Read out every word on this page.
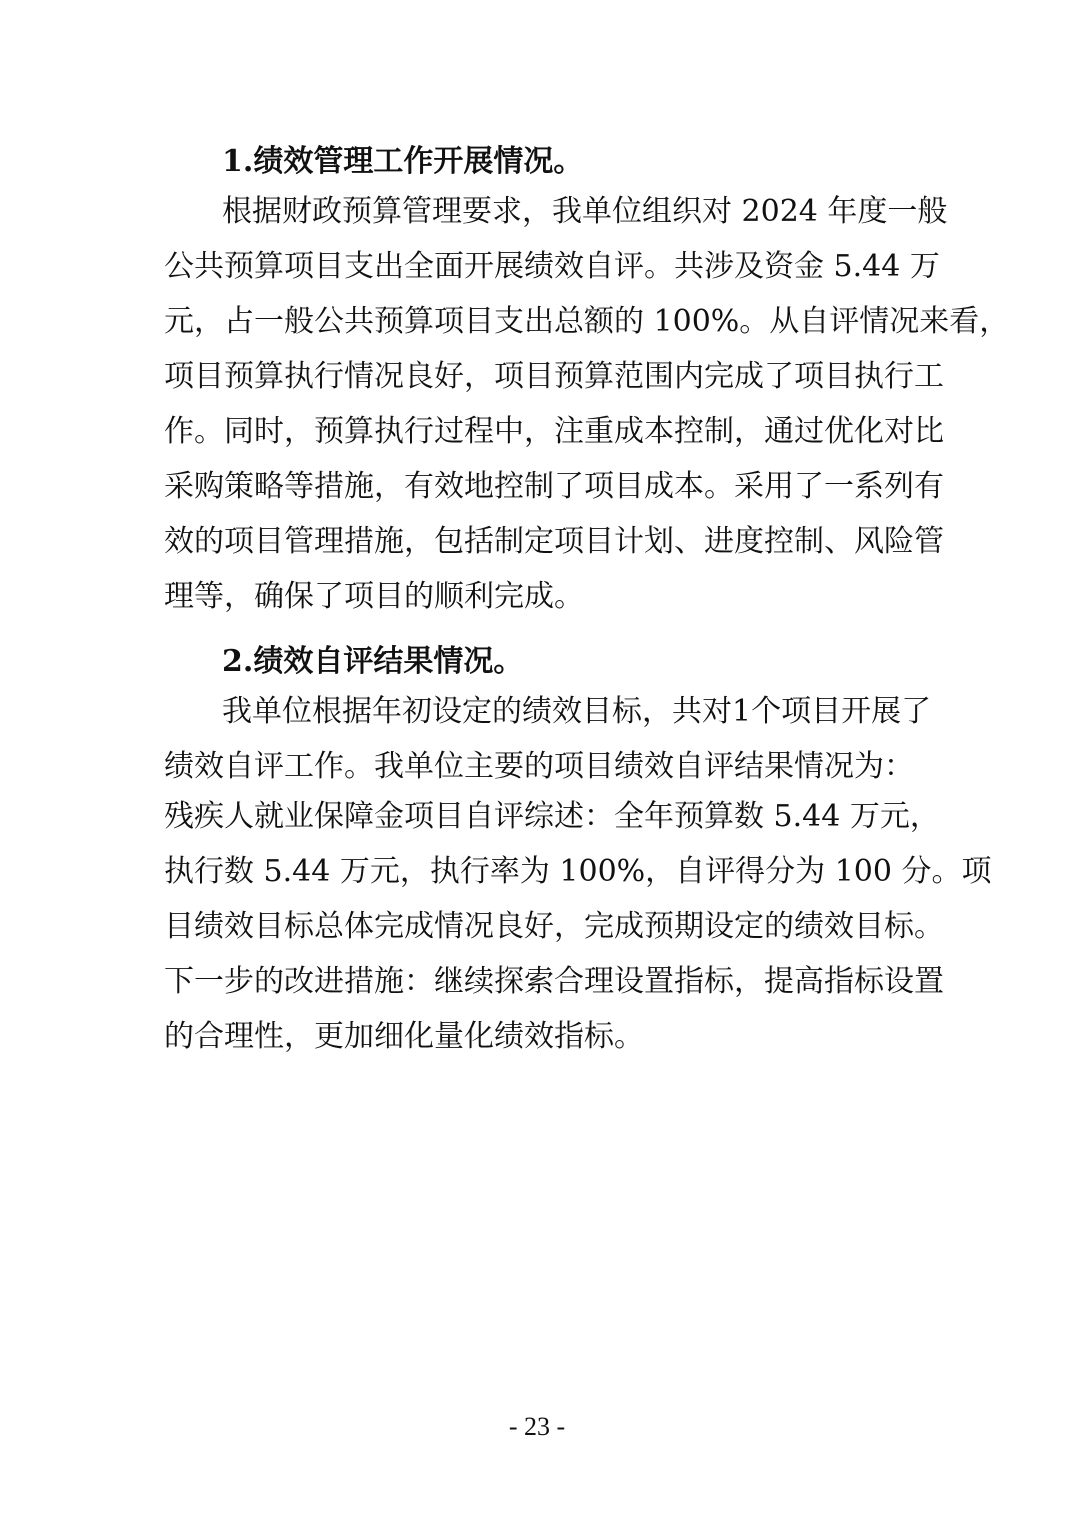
1.绩效管理工作开展情况。
根据财政预算管理要求，我单位组织对 2024 年度一般
公共预算项目支出全面开展绩效自评。共涉及资金 5.44 万
元，占一般公共预算项目支出总额的 100%。从自评情况来看，
项目预算执行情况良好，项目预算范围内完成了项目执行工
作。同时，预算执行过程中，注重成本控制，通过优化对比
采购策略等措施，有效地控制了项目成本。采用了一系列有
效的项目管理措施，包括制定项目计划、进度控制、风险管
理等，确保了项目的顺利完成。
2.绩效自评结果情况。
我单位根据年初设定的绩效目标，共对1个项目开展了
绩效自评工作。我单位主要的项目绩效自评结果情况为：
残疾人就业保障金项目自评综述：全年预算数 5.44 万元，
执行数 5.44 万元，执行率为 100%，自评得分为 100 分。项
目绩效目标总体完成情况良好，完成预期设定的绩效目标。
下一步的改进措施：继续探索合理设置指标，提高指标设置
的合理性，更加细化量化绩效指标。
- 23 -
